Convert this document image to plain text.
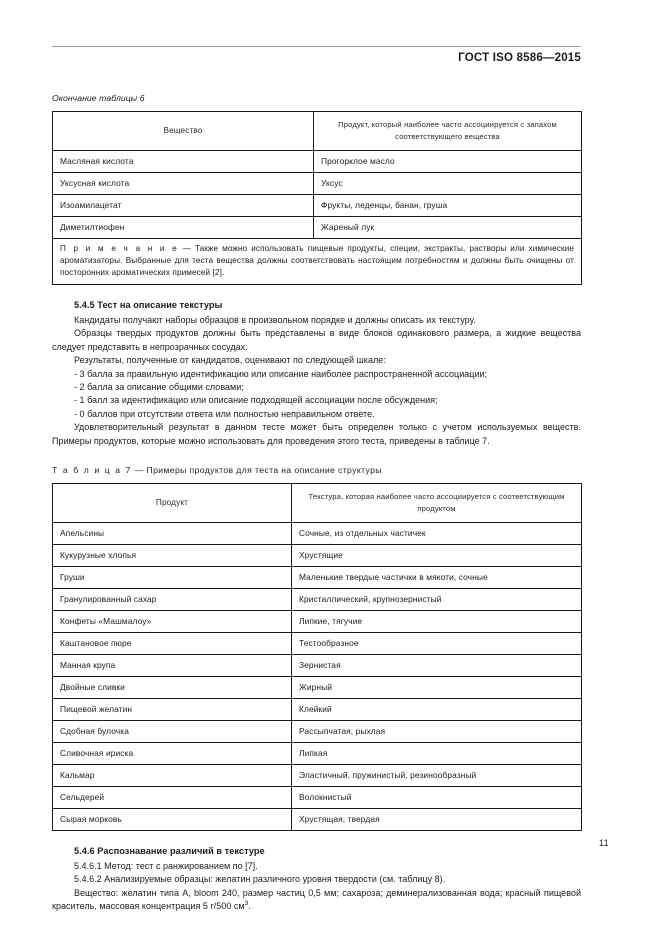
ГОСТ ISO 8586—2015
Окончание таблицы 6
Вещество	Продукт, который наиболее часто ассоциируется с запахом соответствующего вещества
Масляная кислота	Прогорклое масло
Уксусная кислота	Уксус
Изоамилацетат	Фрукты, леденцы, банан, груша
Диметилтиофен	Жареный лук
П р и м е ч а н и е — Также можно использовать пищевые продукты, специи, экстракты, растворы или химические ароматизаторы. Выбранные для теста вещества должны соответствовать настоящим потребностям и должны быть очищены от посторонних ароматических примесей [2].	
5.4.5 Тест на описание текстуры

Кандидаты получают наборы образцов в произвольном порядке и должны описать их текстуру.

Образцы твердых продуктов должны быть представлены в виде блоков одинакового размера, а жидкие вещества следует представить в непрозрачных сосудах.

Результаты, полученные от кандидатов, оценивают по следующей шкале:

- 3 балла за правильную идентификацию или описание наиболее распространенной ассоциации;

- 2 балла за описание общими словами;

- 1 балл за идентификацио или описание подходящей ассоциации после обсуждения;

- 0 баллов при отсутствии ответа или полностью неправильном ответе.

Удовлетворительный результат в данном тесте может быть определен только с учетом используемых веществ. Примеры продуктов, которые можно использовать для проведения этого теста, приведены в таблице 7.

Т а б л и ц а 7 — Примеры продуктов для теста на описание структуры
Продукт	Текстура, которая наиболее часто ассоциируется с соответствующим продуктом
Апельсины	Сочные, из отдельных частичек
Кукурузные хлопья	Хрустящие
Груши	Маленькие твердые частички в мякоти, сочные
Гранулированный сахар	Кристаллический, крупнозернистый
Конфеты «Машмалоу»	Липкие, тягучие
Каштановое пюре	Тестообразное
Манная крупа	Зернистая
Двойные сливки	Жирный
Пищевой желатин	Клейкий
Сдобная булочка	Рассыпчатая, рыхлая
Сливочная ириска	Липкая
Кальмар	Эластичный, пружинистый, резинообразный
Сельдерей	Волокнистый
Сырая морковь	Хрустящая, твердая
5.4.6 Распознавание различий в текстуре

5.4.6.1 Метод: тест с ранжированием по [7].

5.4.6.2 Анализируемые образцы: желатин различного уровня твердости (см. таблицу 8).

Вещество: желатин типа А, bloom 240, размер частиц 0,5 мм; сахароза; деминерализованная вода; красный пищевой краситель, массовая концентрация 5 г/500 $см^3$.

11
